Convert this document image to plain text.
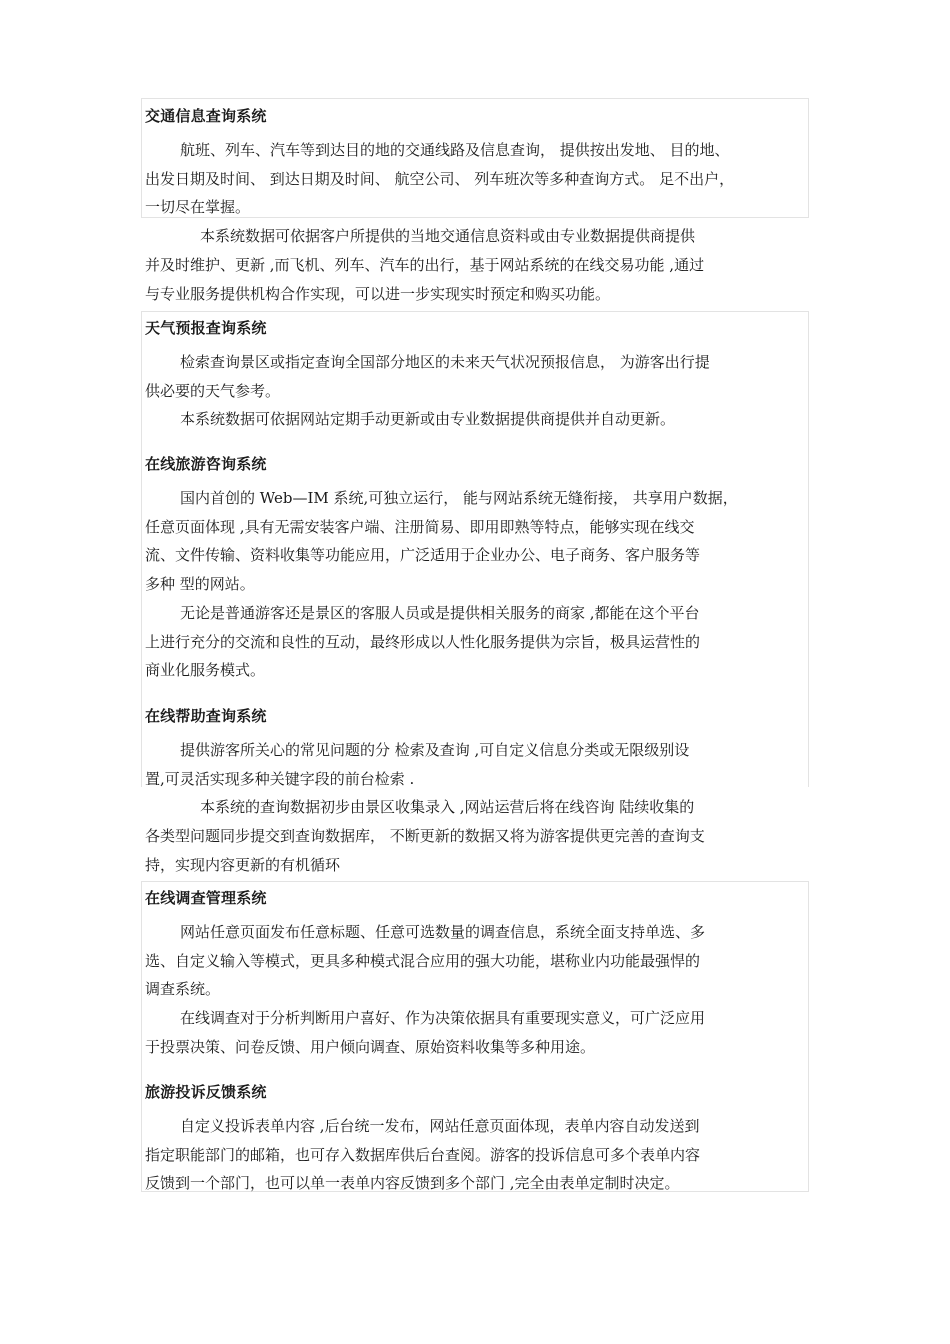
交通信息查询系统

航班、列车、汽车等到达目的地的交通线路及信息查询， 提供按出发地、 目的地、
出发日期及时间、 到达日期及时间、 航空公司、 列车班次等多种查询方式。 足不出户，
一切尽在掌握。

本系统数据可依据客户所提供的当地交通信息资料或由专业数据提供商提供
并及时维护、更新 ,而飞机、列车、汽车的出行，基于网站系统的在线交易功能 ,通过
与专业服务提供机构合作实现，可以进一步实现实时预定和购买功能。

天气预报查询系统

检索查询景区或指定查询全国部分地区的未来天气状况预报信息， 为游客出行提
供必要的天气参考。

本系统数据可依据网站定期手动更新或由专业数据提供商提供并自动更新。

在线旅游咨询系统

国内首创的 Web—IM 系统,可独立运行， 能与网站系统无缝衔接， 共享用户数据，
任意页面体现 ,具有无需安装客户端、注册简易、即用即熟等特点，能够实现在线交
流、文件传输、资料收集等功能应用，广泛适用于企业办公、电子商务、客户服务等
多种 型的网站。

无论是普通游客还是景区的客服人员或是提供相关服务的商家 ,都能在这个平台
上进行充分的交流和良性的互动，最终形成以人性化服务提供为宗旨，极具运营性的
商业化服务模式。

在线帮助查询系统

提供游客所关心的常见问题的分 检索及查询 ,可自定义信息分类或无限级别设
置,可灵活实现多种关键字段的前台检索 .

本系统的查询数据初步由景区收集录入 ,网站运营后将在线咨询 陆续收集的
各类型问题同步提交到查询数据库， 不断更新的数据又将为游客提供更完善的查询支
持，实现内容更新的有机循环

在线调查管理系统

网站任意页面发布任意标题、任意可选数量的调查信息，系统全面支持单选、多
选、自定义输入等模式，更具多种模式混合应用的强大功能，堪称业内功能最强悍的
调查系统。

在线调查对于分析判断用户喜好、作为决策依据具有重要现实意义，可广泛应用
于投票决策、问卷反馈、用户倾向调查、原始资料收集等多种用途。

旅游投诉反馈系统

自定义投诉表单内容 ,后台统一发布，网站任意页面体现，表单内容自动发送到
指定职能部门的邮箱，也可存入数据库供后台查阅。游客的投诉信息可多个表单内容
反馈到一个部门，也可以单一表单内容反馈到多个部门 ,完全由表单定制时决定。
